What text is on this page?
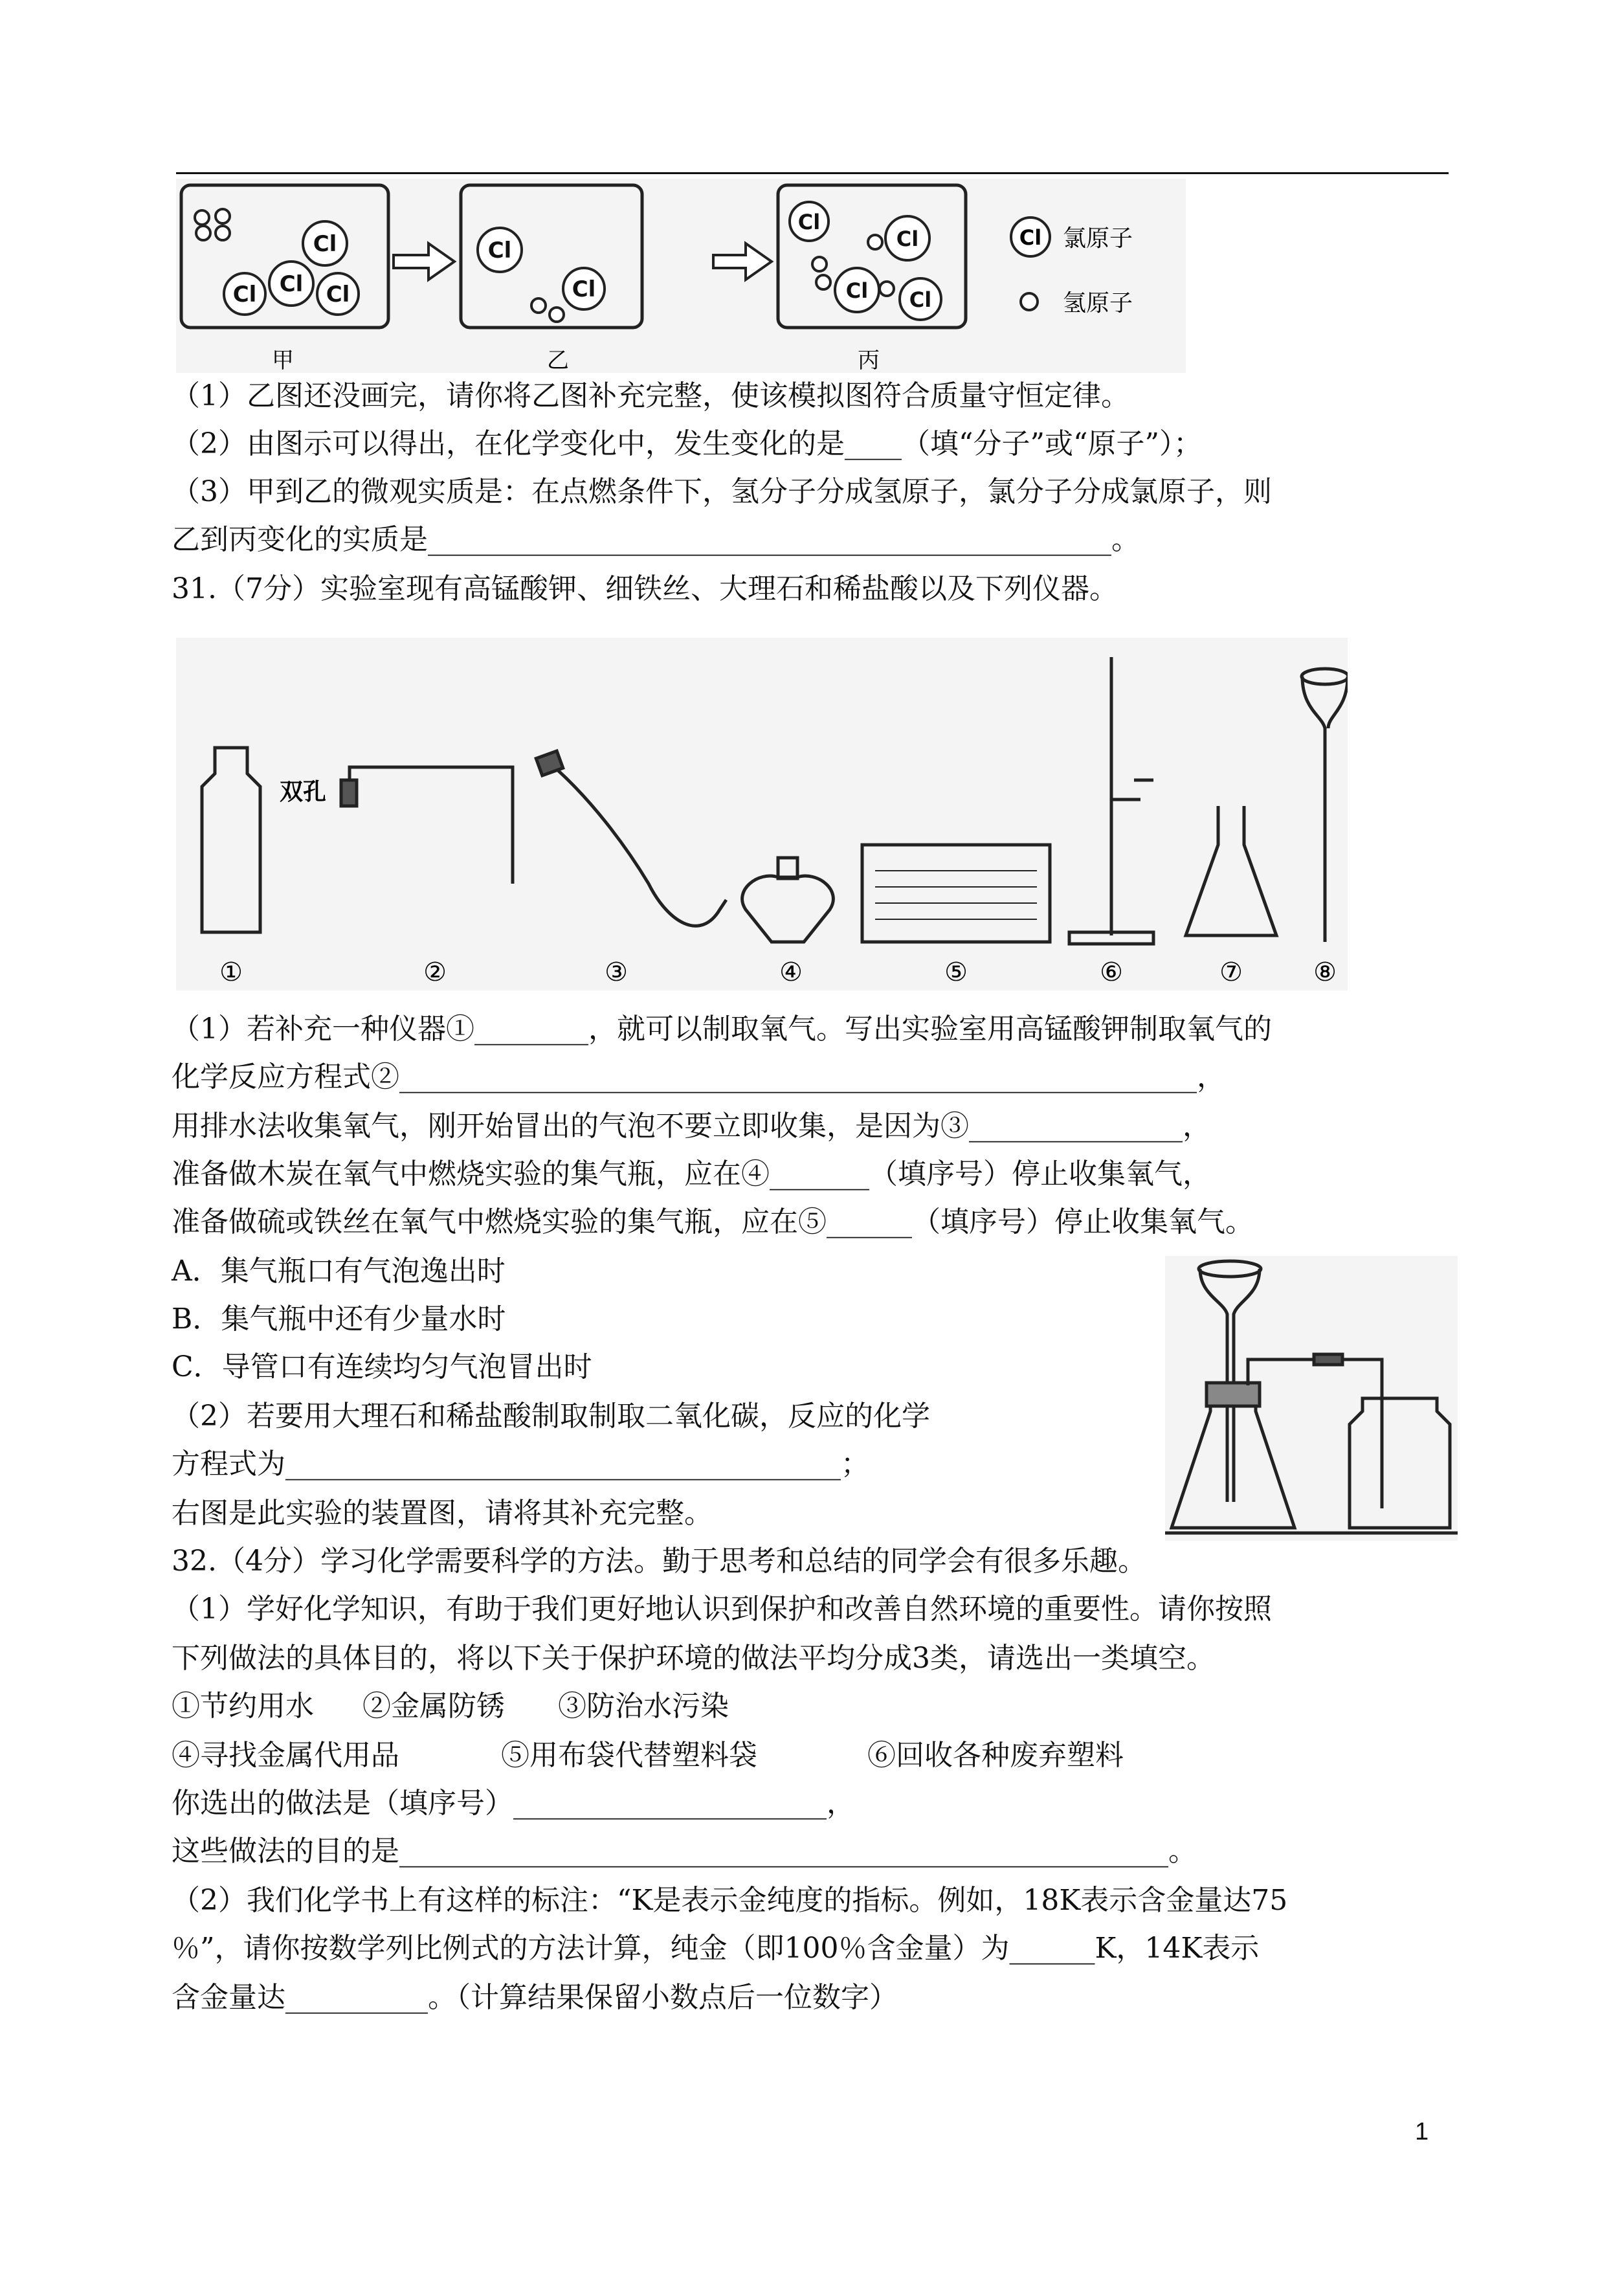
Cl
Cl Cl Cl
Cl
Cl
Cl
Cl
Cl Cl
Cl 氯原子
氢原子
甲	乙	丙
（1）乙图还没画完，请你将乙图补充完整，使该模拟图符合质量守恒定律。
（2）由图示可以得出，在化学变化中，发生变化的是____（填“分子”或“原子”）；
（3）甲到乙的微观实质是：在点燃条件下，氢分子分成氢原子，氯分子分成氯原子，则
乙到丙变化的实质是________________________________________________。
31.（7分）实验室现有高锰酸钾、细铁丝、大理石和稀盐酸以及下列仪器。
双孔
①	②	③	④	⑤	⑥	⑦	⑧
（1）若补充一种仪器①________，就可以制取氧气。写出实验室用高锰酸钾制取氧气的
化学反应方程式②________________________________________________________，
用排水法收集氧气，刚开始冒出的气泡不要立即收集，是因为③_______________，
准备做木炭在氧气中燃烧实验的集气瓶，应在④_______（填序号）停止收集氧气，
准备做硫或铁丝在氧气中燃烧实验的集气瓶，应在⑤______（填序号）停止收集氧气。
A．集气瓶口有气泡逸出时
B．集气瓶中还有少量水时
C．导管口有连续均匀气泡冒出时
（2）若要用大理石和稀盐酸制取制取二氧化碳，反应的化学
方程式为_______________________________________；
右图是此实验的装置图，请将其补充完整。
32.（4分）学习化学需要科学的方法。勤于思考和总结的同学会有很多乐趣。
（1）学好化学知识，有助于我们更好地认识到保护和改善自然环境的重要性。请你按照
下列做法的具体目的，将以下关于保护环境的做法平均分成3类，请选出一类填空。
①节约用水 ②金属防锈 ③防治水污染
④寻找金属代用品	⑤用布袋代替塑料袋	⑥回收各种废弃塑料
你选出的做法是（填序号）______________________，
这些做法的目的是______________________________________________________。
（2）我们化学书上有这样的标注：“K是表示金纯度的指标。例如，18K表示含金量达75
％”，请你按数学列比例式的方法计算，纯金（即100％含金量）为______K，14K表示
含金量达__________。（计算结果保留小数点后一位数字）
1
